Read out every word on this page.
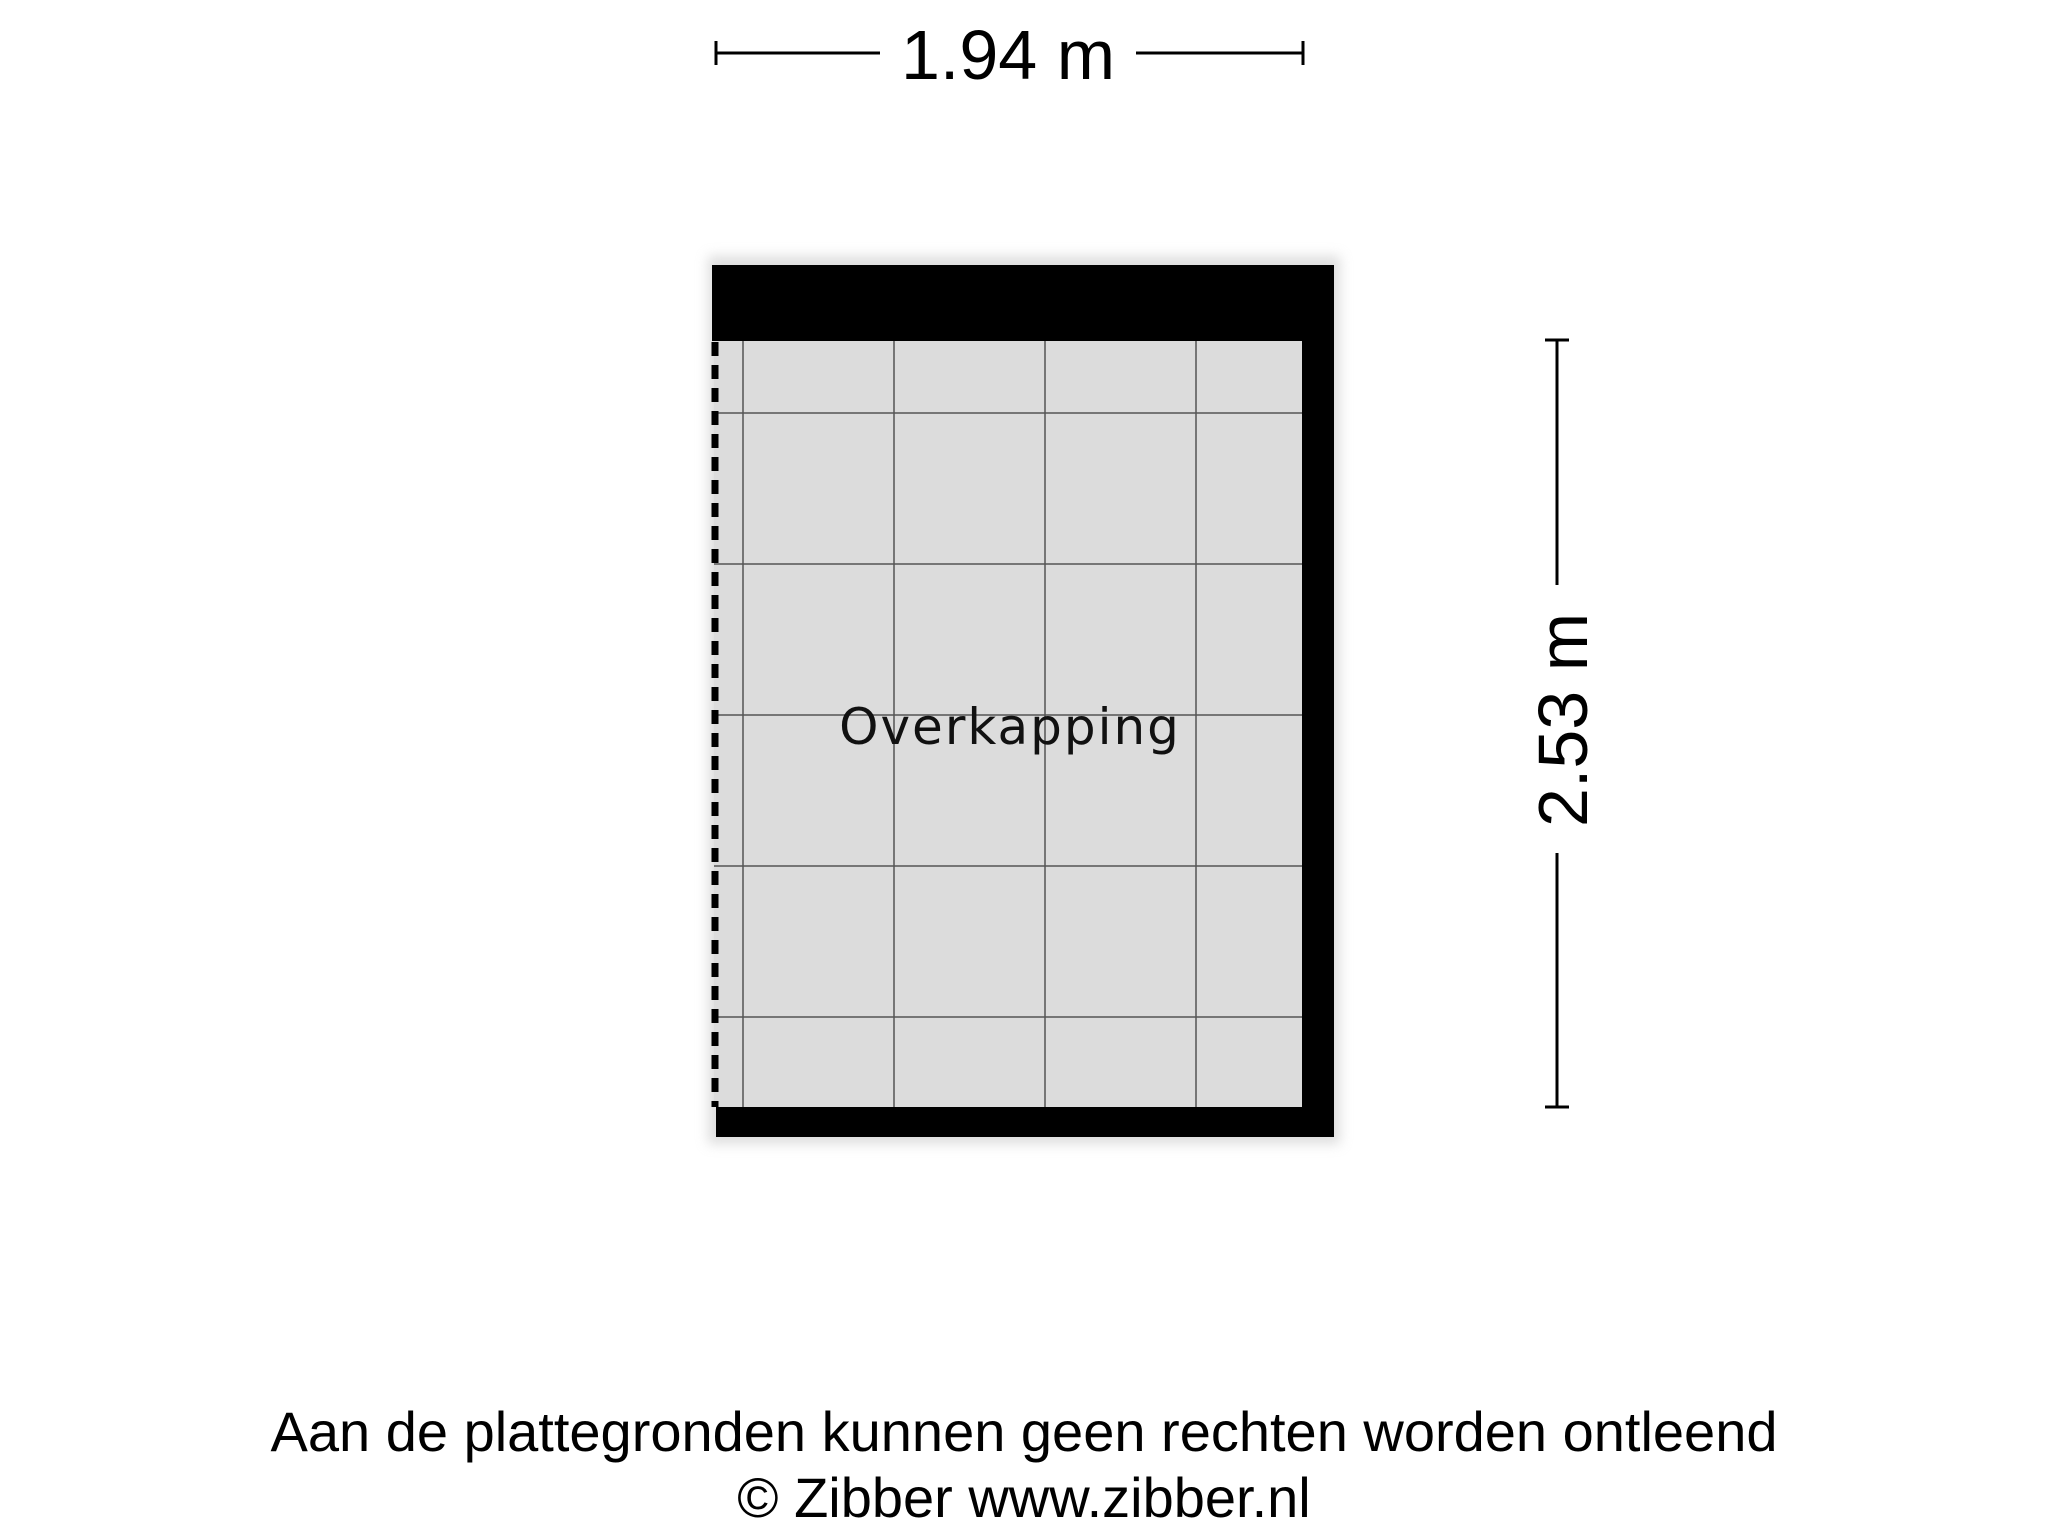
1.94 m
2.53 m
Overkapping
Aan de plattegronden kunnen geen rechten worden ontleend
© Zibber www.zibber.nl
